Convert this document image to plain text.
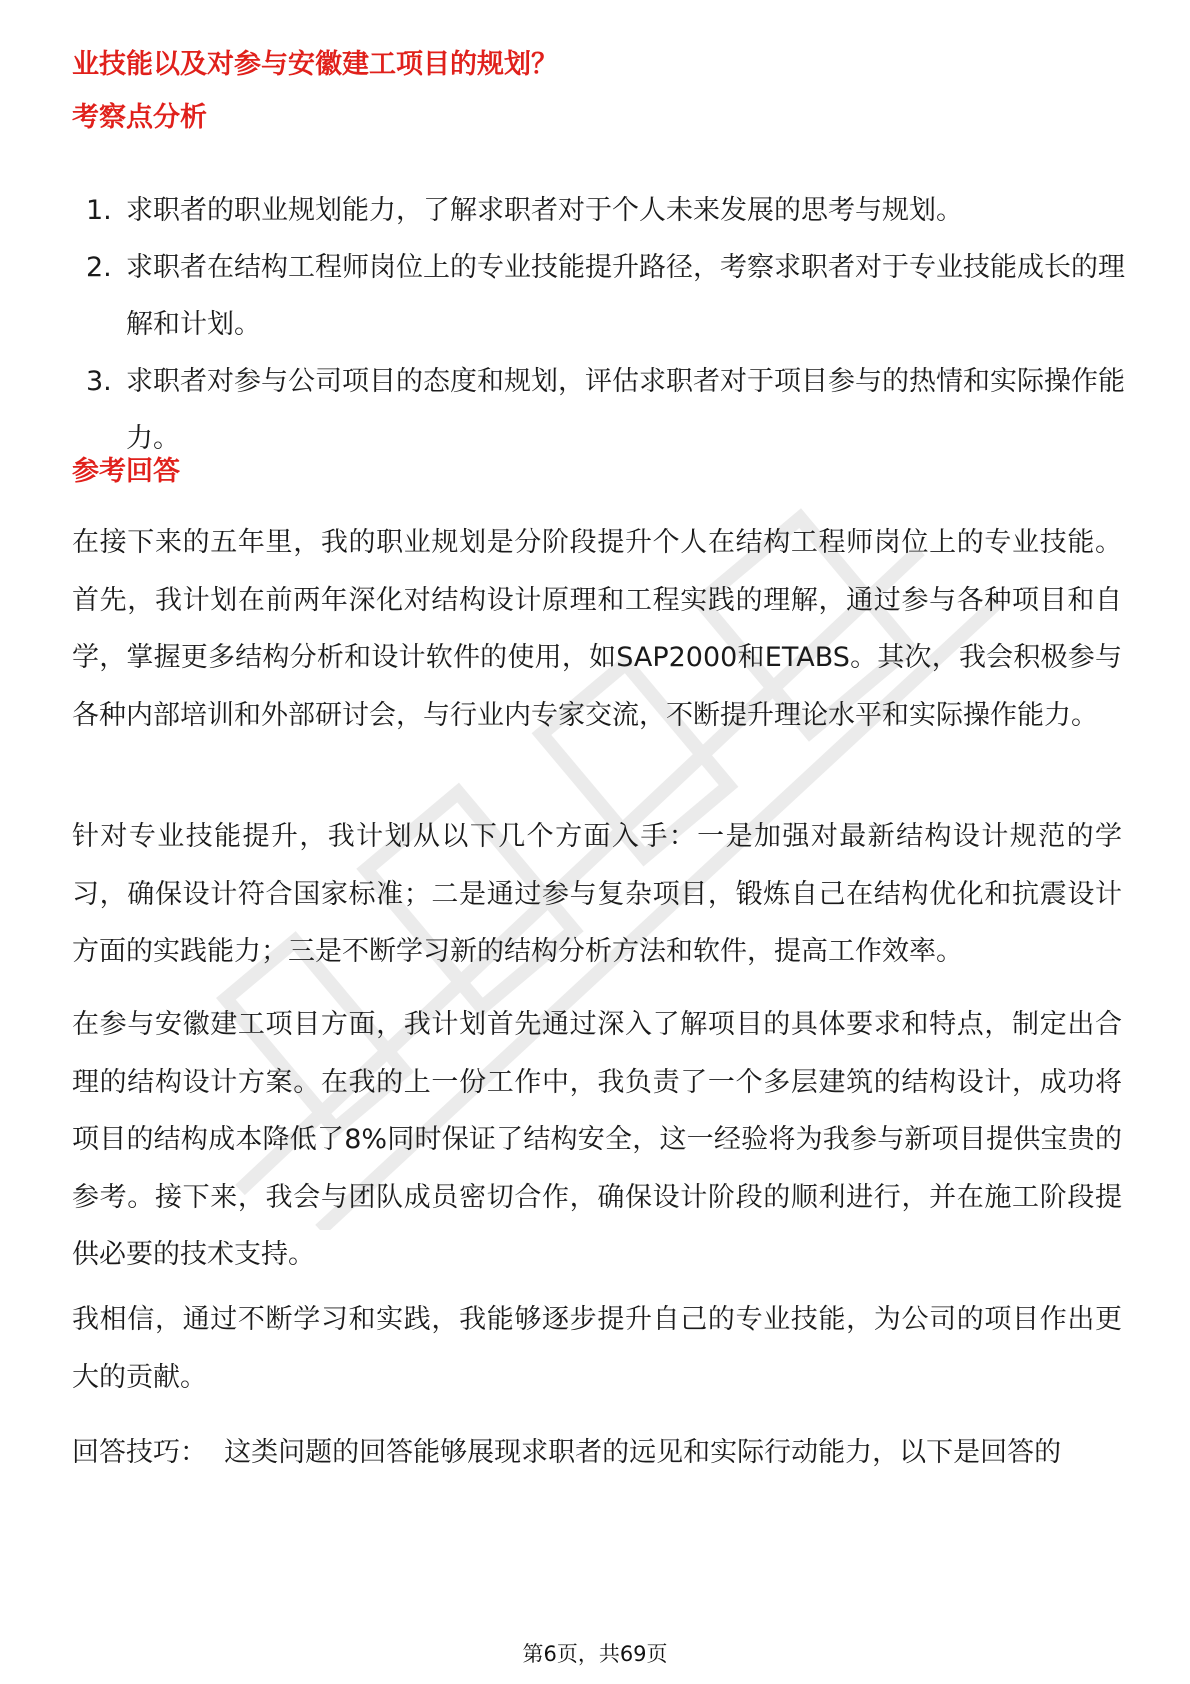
业技能以及对参与安徽建工项目的规划？
考察点分析
1. 求职者的职业规划能力，了解求职者对于个人未来发展的思考与规划。
2. 求职者在结构工程师岗位上的专业技能提升路径，考察求职者对于专业技能成长的理解和计划。
3. 求职者对参与公司项目的态度和规划，评估求职者对于项目参与的热情和实际操作能力。
参考回答

在接下来的五年里，我的职业规划是分阶段提升个人在结构工程师岗位上的专业技能。首先，我计划在前两年深化对结构设计原理和工程实践的理解，通过参与各种项目和自学，掌握更多结构分析和设计软件的使用，如SAP2000和ETABS。其次，我会积极参与各种内部培训和外部研讨会，与行业内专家交流，不断提升理论水平和实际操作能力。

针对专业技能提升，我计划从以下几个方面入手：一是加强对最新结构设计规范的学习，确保设计符合国家标准；二是通过参与复杂项目，锻炼自己在结构优化和抗震设计方面的实践能力；三是不断学习新的结构分析方法和软件，提高工作效率。

在参与安徽建工项目方面，我计划首先通过深入了解项目的具体要求和特点，制定出合理的结构设计方案。在我的上一份工作中，我负责了一个多层建筑的结构设计，成功将项目的结构成本降低了8%同时保证了结构安全，这一经验将为我参与新项目提供宝贵的参考。接下来，我会与团队成员密切合作，确保设计阶段的顺利进行，并在施工阶段提供必要的技术支持。

我相信，通过不断学习和实践，我能够逐步提升自己的专业技能，为公司的项目作出更大的贡献。

回答技巧：  这类问题的回答能够展现求职者的远见和实际行动能力，以下是回答的

第6页，共69页
